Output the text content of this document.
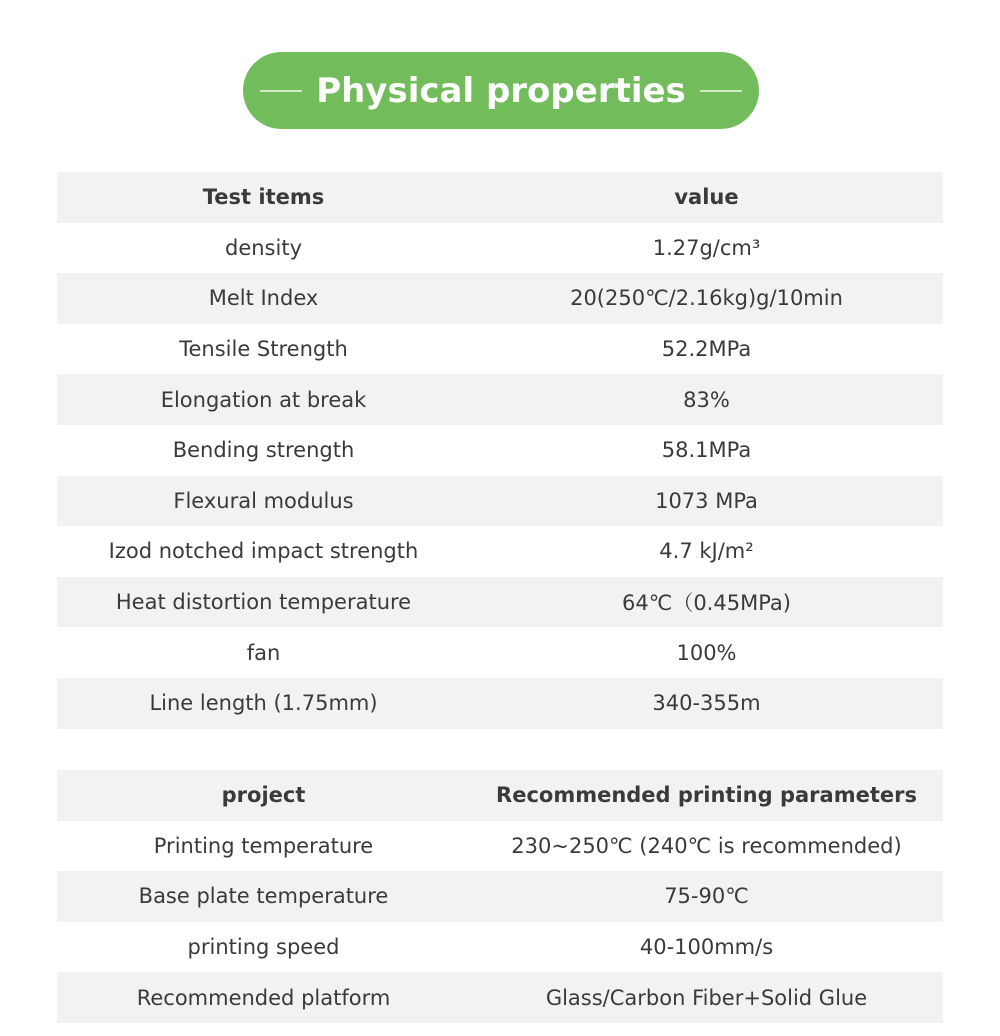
Physical properties
Test items	value
density	1.27g/cm³
Melt Index	20(250℃/2.16kg)g/10min
Tensile Strength	52.2MPa
Elongation at break	83%
Bending strength	58.1MPa
Flexural modulus	1073 MPa
Izod notched impact strength	4.7 kJ/m²
Heat distortion temperature	64℃（0.45MPa)
fan	100%
Line length (1.75mm)	340-355m
project	Recommended printing parameters
Printing temperature	230~250℃ (240℃ is recommended)
Base plate temperature	75-90℃
printing speed	40-100mm/s
Recommended platform	Glass/Carbon Fiber+Solid Glue
